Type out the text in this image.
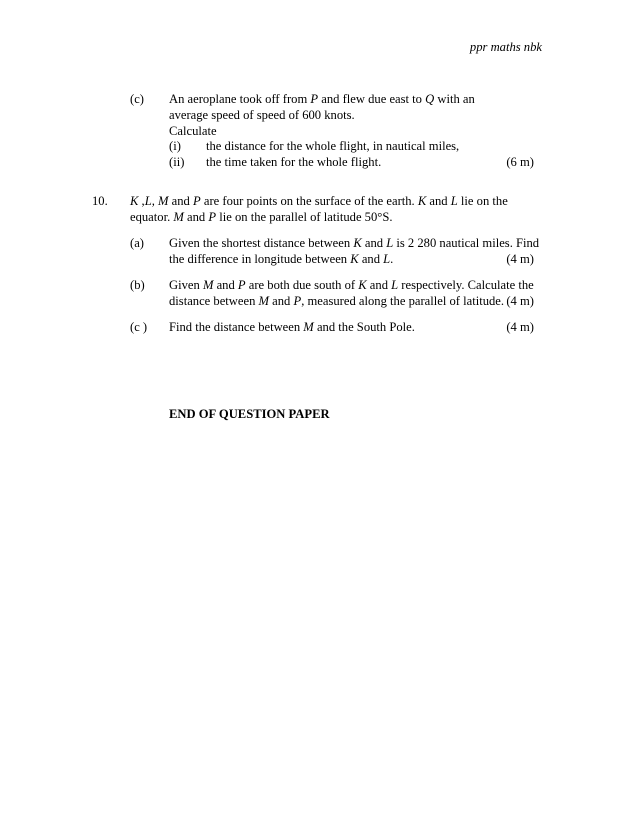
ppr maths nbk
(c)	An aeroplane took off from P and flew due east to Q with an
average speed of speed of 600 knots.
Calculate
(i) the distance for the whole flight, in nautical miles,
(ii) the time taken for the whole flight.	(6 m)
10. K ,L, M and P are four points on the surface of the earth. K and L lie on the
equator. M and P lie on the parallel of latitude 50°S.
(a)	Given the shortest distance between K and L is 2 280 nautical miles. Find
the difference in longitude between K and L.	(4 m)
(b)	Given M and P are both due south of K and L respectively. Calculate the
distance between M and P, measured along the parallel of latitude. (4 m)
(c )	Find the distance between M and the South Pole.	(4 m)
END OF QUESTION PAPER
